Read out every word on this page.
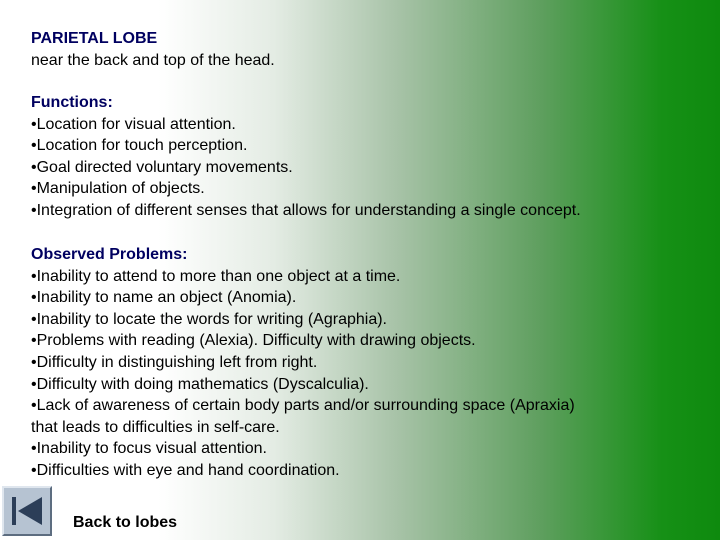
PARIETAL LOBE
near the back and top of the head.
Functions:
•Location for visual attention.
•Location for touch perception.
•Goal directed voluntary movements.
•Manipulation of objects.
•Integration of different senses that allows for understanding a single concept.
Observed Problems:
•Inability to attend to more than one object at a time.
•Inability to name an object (Anomia).
•Inability to locate the words for writing (Agraphia).
•Problems with reading (Alexia). Difficulty with drawing objects.
•Difficulty in distinguishing left from right.
•Difficulty with doing mathematics (Dyscalculia).
•Lack of awareness of certain body parts and/or surrounding space (Apraxia)
that leads to difficulties in self-care.
•Inability to focus visual attention.
•Difficulties with eye and hand coordination.
Back to lobes
